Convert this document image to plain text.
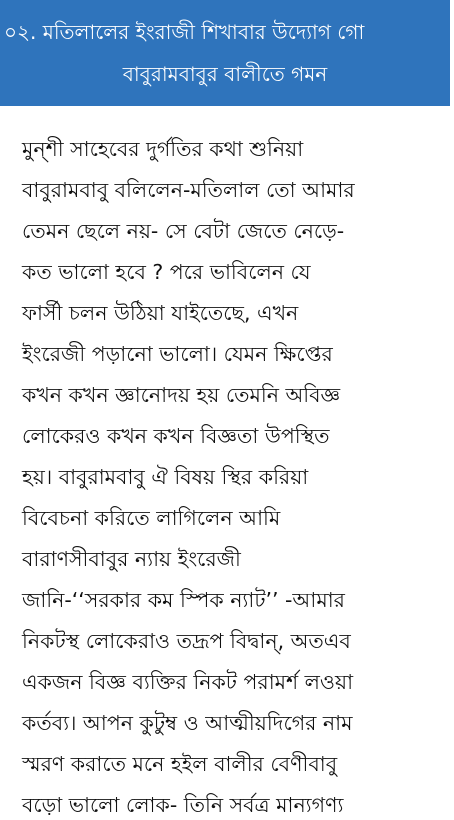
০২. মতিলালের ইংরাজী শিখাবার উদ্যোগ গো
বাবুরামবাবুর বালীতে গমন
মুন্‌শী সাহেবের দুর্গতির কথা শুনিয়া
বাবুরামবাবু বলিলেন-মতিলাল তো আমার
তেমন ছেলে নয়- সে বেটা জেতে নেড়ে-
কত ভালো হবে ? পরে ভাবিলেন যে
ফার্সী চলন উঠিয়া যাইতেছে, এখন
ইংরেজী পড়ানো ভালো। যেমন ক্ষিপ্তের
কখন কখন জ্ঞানোদয় হয় তেমনি অবিজ্ঞ
লোকেরও কখন কখন বিজ্ঞতা উপস্থিত
হয়। বাবুরামবাবু ঐ বিষয় স্থির করিয়া
বিবেচনা করিতে লাগিলেন আমি
বারাণসীবাবুর ন্যায় ইংরেজী
জানি-‘‘সরকার কম স্পিক ন্যাট’’ -আমার
নিকটস্থ লোকেরাও তদ্রূপ বিদ্বান্‌, অতএব
একজন বিজ্ঞ ব্যক্তির নিকট পরামর্শ লওয়া
কর্তব্য। আপন কুটুম্ব ও আত্মীয়দিগের নাম
স্মরণ করাতে মনে হইল বালীর বেণীবাবু
বড়ো ভালো লোক- তিনি সর্বত্র মান্যগণ্য
